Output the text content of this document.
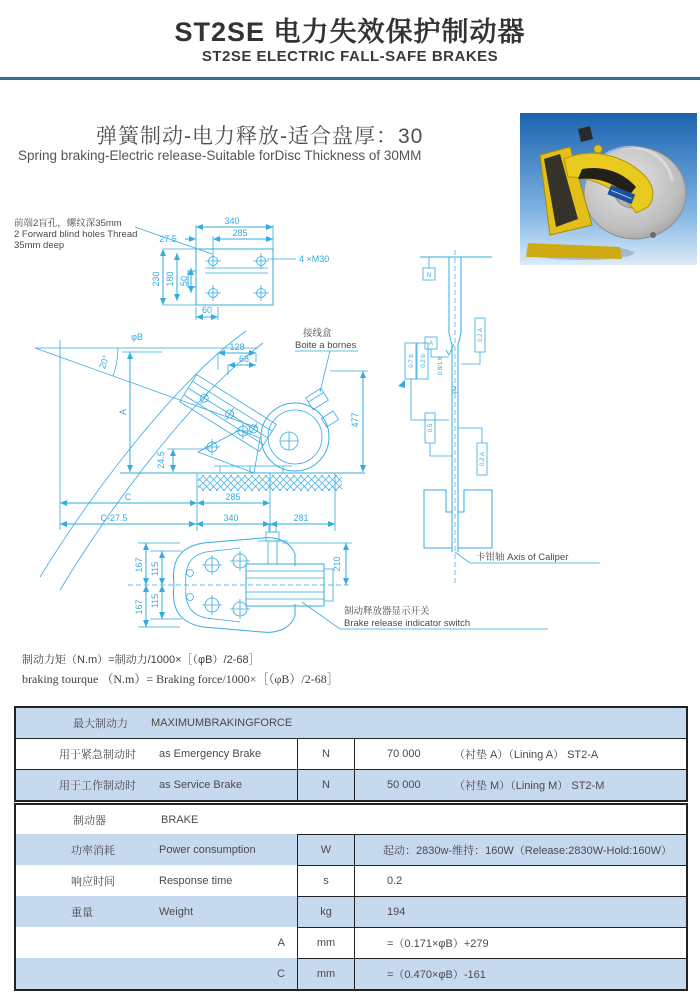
ST2SE 电力失效保护制动器
ST2SE ELECTRIC FALL-SAFE BRAKES
弹簧制动-电力释放-适合盘厚：30
Spring braking-Electric release-Suitable forDisc Thickness of 30MM
340
285
27.5
230 180 50
60
4 ×M30
前端2盲孔，螺纹深35mm
2 Forward blind holes Thread
35mm deep
φB
20°
A
24.5
128
68
接线盒
Boite a bornes
C	285
C-27.5	340	281
477
N
φU
A
0.7 b 0.2 b 0.8/1.6
0.2 A
0.5
0.2 A
卡钳轴 Axis of Caliper
167 115
115
167
210
制动释放器显示开关
Brake release indicator switch
制动力矩（N.m）=制动力/1000×［（φB）/2-68］
braking tourque （N.m）= Braking force/1000×［（φB）/2-68］
最大制动力	MAXIMUMBRAKINGFORCE
用于紧急制动时	as Emergency Brake	N	70 000	（衬垫 A）（Lining A） ST2-A
用于工作制动时	as Service Brake	N	50 000	（衬垫 M）（Lining M） ST2-M
制动器	BRAKE
功率消耗	Power consumption	W	起动：2830w-维持：160W（Release:2830W-Hold:160W）
响应时间	Response time	s	0.2
重量	Weight	kg	194
A	mm	=（0.171×φB）+279
C	mm	=（0.470×φB）-161
